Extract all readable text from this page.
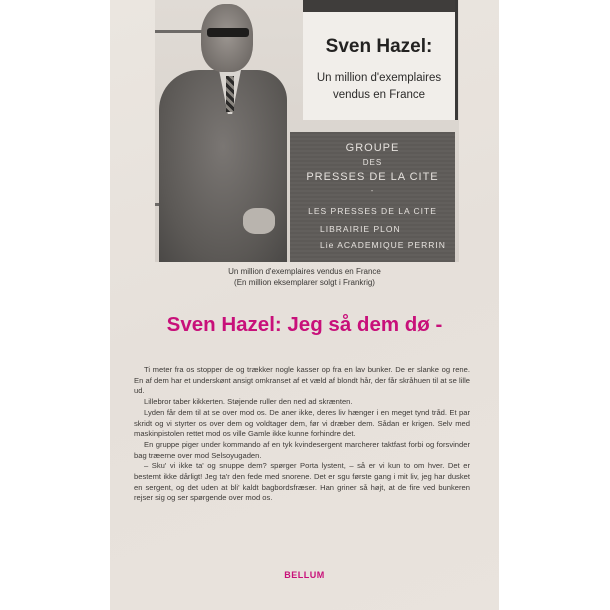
Sven Hazel:
Un million d'exemplaires
vendus en France
GROUPE
DES
PRESSES DE LA CITE
-
LES PRESSES DE LA CITE
LIBRAIRIE PLON
Lie ACADEMIQUE PERRIN
Un million d'exemplaires vendus en France
(En million eksemplarer solgt i Frankrig)
Sven Hazel: Jeg så dem dø -

Ti meter fra os stopper de og trækker nogle kasser op fra en lav bunker. De er slanke og rene. En af dem har et underskønt ansigt omkranset af et væld af blondt hår, der får skråhuen til at se lille ud.

Lillebror taber kikkerten. Støjende ruller den ned ad skrænten.

Lyden får dem til at se over mod os. De aner ikke, deres liv hænger i en meget tynd tråd. Et par skridt og vi styrter os over dem og voldtager dem, før vi dræber dem. Sådan er krigen. Selv med maskinpistolen rettet mod os ville Gamle ikke kunne forhindre det.

En gruppe piger under kommando af en tyk kvindesergent marcherer taktfast forbi og forsvinder bag træerne over mod Selsoyugaden.

– Sku' vi ikke ta' og snuppe dem? spørger Porta lystent, – så er vi kun to om hver. Det er bestemt ikke dårligt! Jeg ta'r den fede med snorene. Det er sgu første gang i mit liv, jeg har dusket en sergent, og det uden at bli' kaldt bagbordsfræser. Han griner så højt, at de fire ved bunkeren rejser sig og ser spørgende over mod os.

BELLUM
